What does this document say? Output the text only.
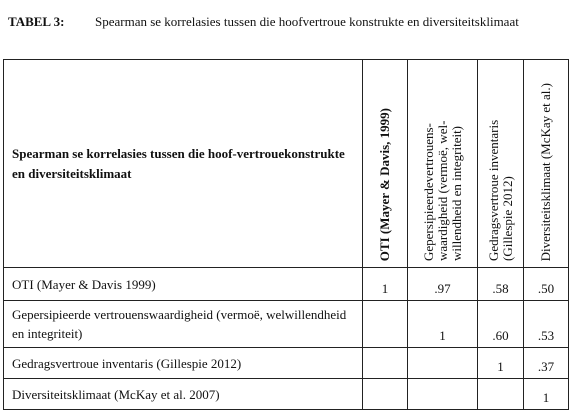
TABEL 3: Spearman se korrelasies tussen die hoofvertroue konstrukte en diversiteitsklimaat
Spearman se korrelasies tussen die hoof-vertrouekonstrukte en diversiteitsklimaat	OTI (Mayer & Davis, 1999)	Gepersipieerdevertrouens-waardigheid (vermoë, wel-willendheid en integriteit)	Gedragsvertroue inventaris (Gillespie 2012)	Diversiteitsklimaat (McKay et al.)

OTI (Mayer & Davis 1999)	1	.97	.58	.50
Gepersipieerde vertrouenswaardigheid (vermoë, welwillendheid en integriteit)		1	.60	.53
Gedragsvertroue inventaris (Gillespie 2012)			1	.37
Diversiteitsklimaat (McKay et al. 2007)				1
